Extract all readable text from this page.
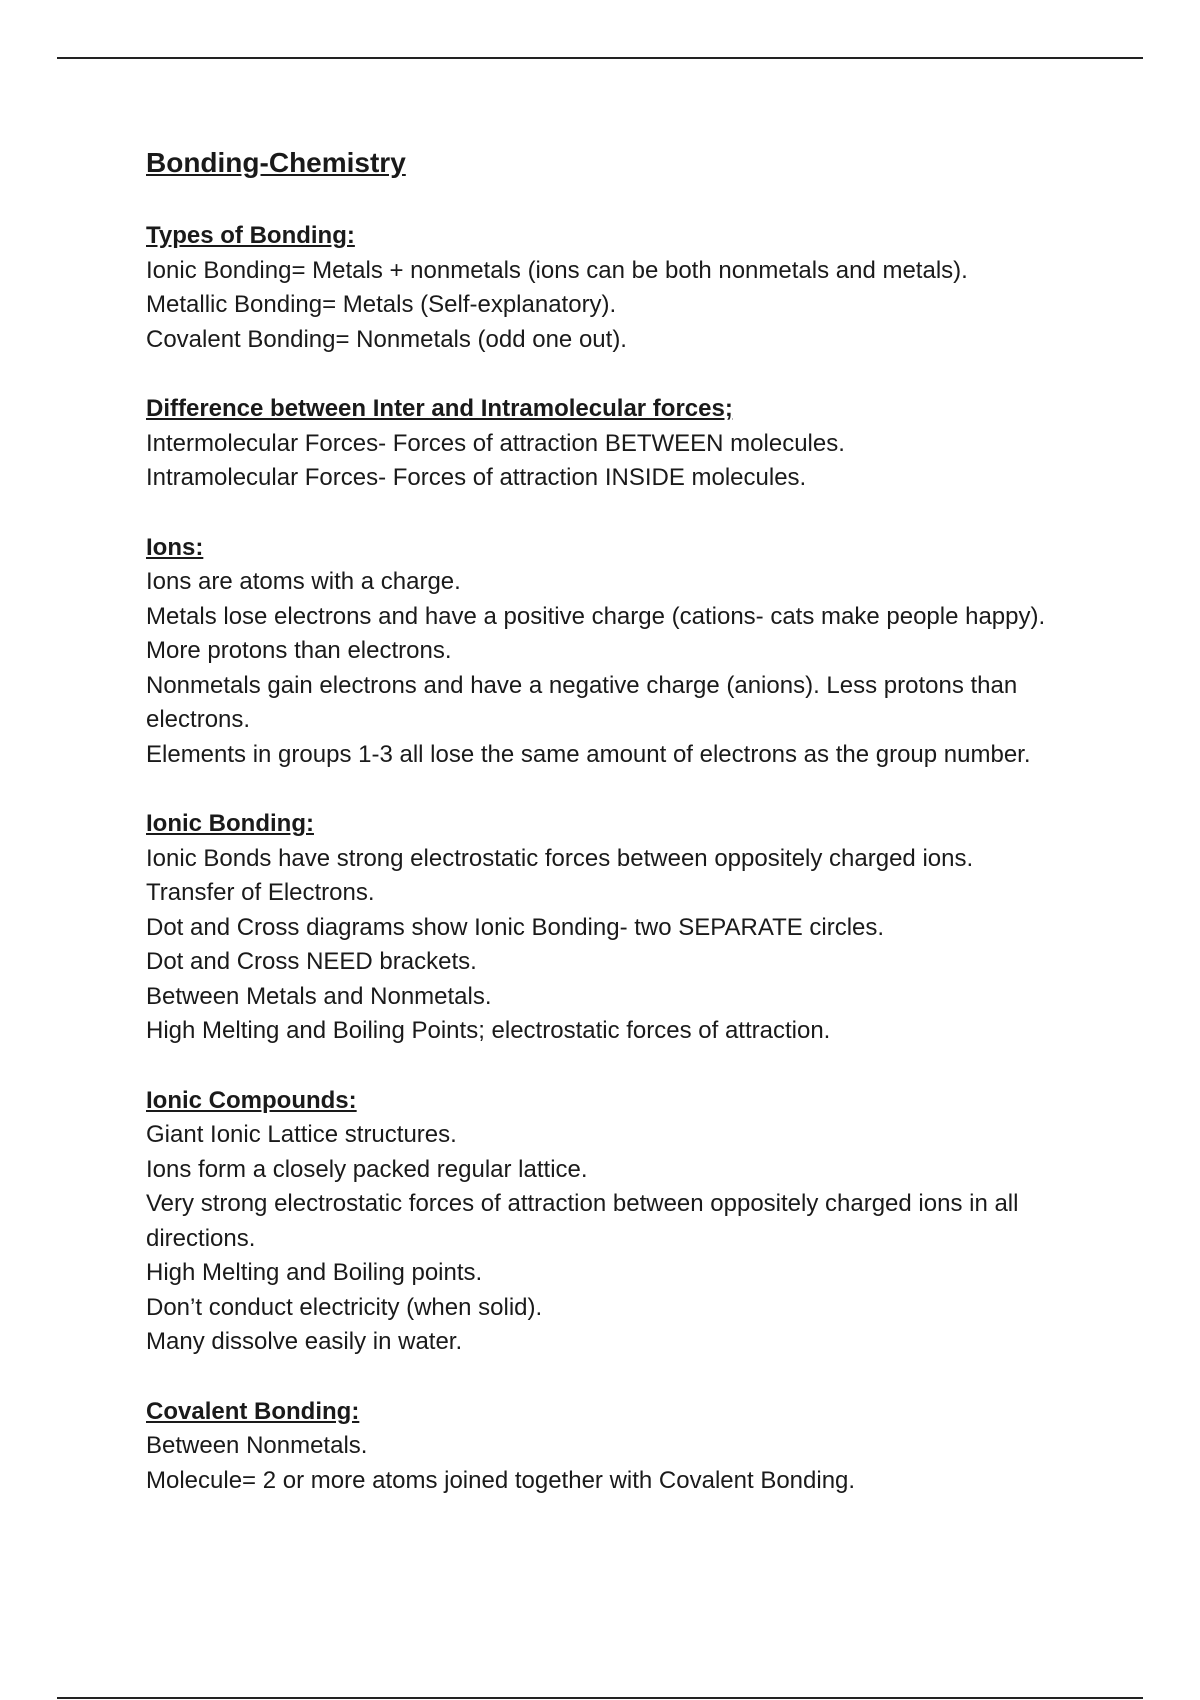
Bonding-Chemistry

Types of Bonding:

Ionic Bonding= Metals + nonmetals (ions can be both nonmetals and metals).

Metallic Bonding= Metals (Self-explanatory).

Covalent Bonding= Nonmetals (odd one out).

Difference between Inter and Intramolecular forces;

Intermolecular Forces- Forces of attraction BETWEEN molecules.

Intramolecular Forces- Forces of attraction INSIDE molecules.

Ions:

Ions are atoms with a charge.

Metals lose electrons and have a positive charge (cations- cats make people happy). More protons than electrons.

Nonmetals gain electrons and have a negative charge (anions). Less protons than electrons.

Elements in groups 1-3 all lose the same amount of electrons as the group number.

Ionic Bonding:

Ionic Bonds have strong electrostatic forces between oppositely charged ions.

Transfer of Electrons.

Dot and Cross diagrams show Ionic Bonding- two SEPARATE circles.

Dot and Cross NEED brackets.

Between Metals and Nonmetals.

High Melting and Boiling Points; electrostatic forces of attraction.

Ionic Compounds:

Giant Ionic Lattice structures.

Ions form a closely packed regular lattice.

Very strong electrostatic forces of attraction between oppositely charged ions in all directions.

High Melting and Boiling points.

Don’t conduct electricity (when solid).

Many dissolve easily in water.

Covalent Bonding:

Between Nonmetals.

Molecule= 2 or more atoms joined together with Covalent Bonding.
